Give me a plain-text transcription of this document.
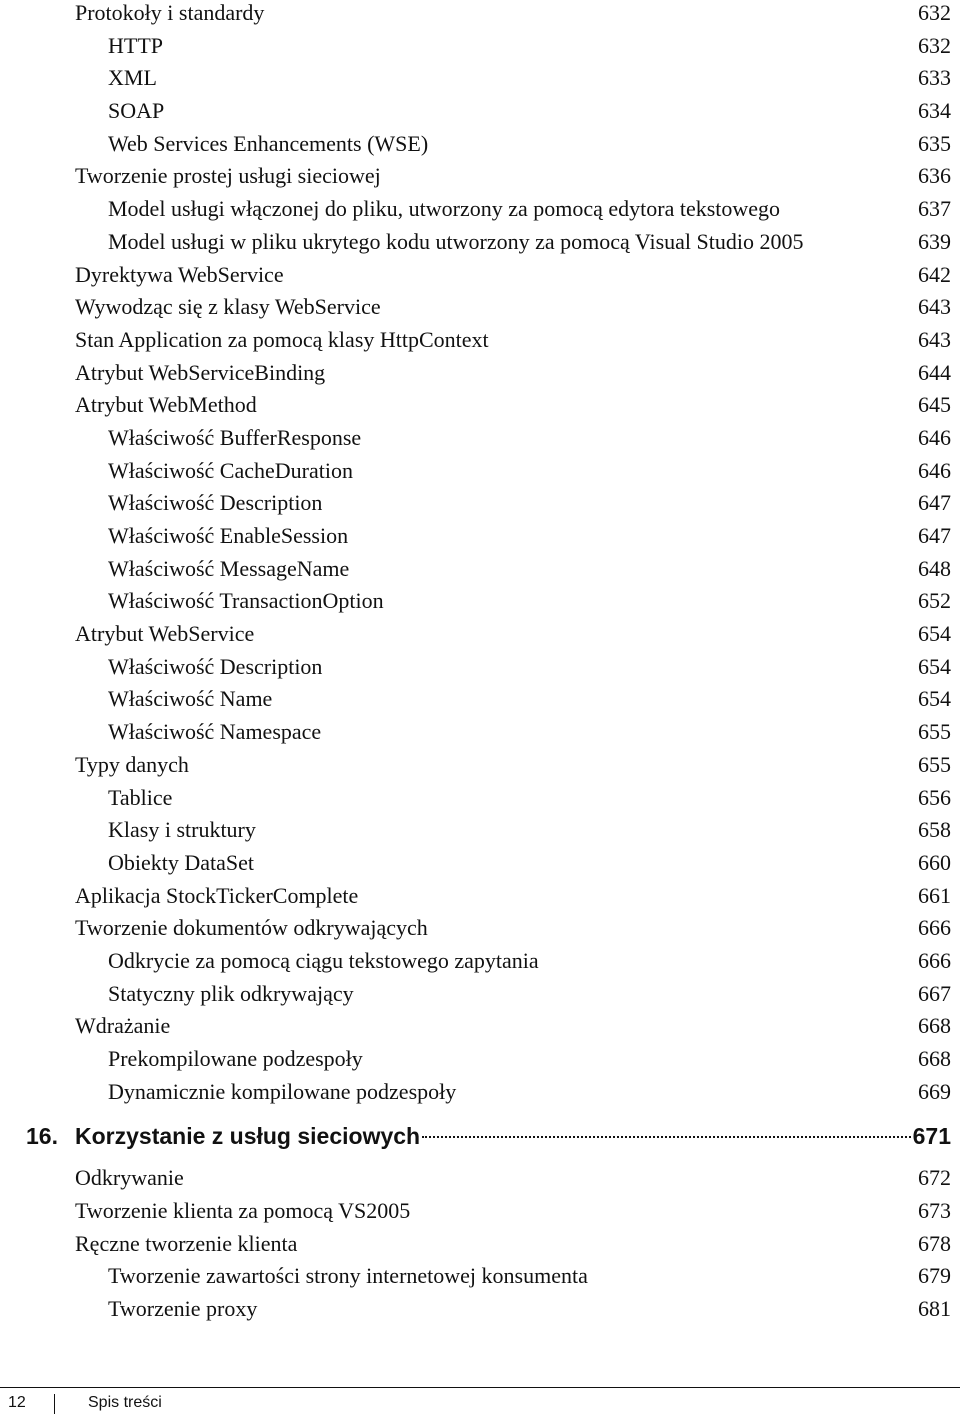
Protokoły i standardy	632
HTTP	632
XML	633
SOAP	634
Web Services Enhancements (WSE)	635
Tworzenie prostej usługi sieciowej	636
Model usługi włączonej do pliku, utworzony za pomocą edytora tekstowego	637
Model usługi w pliku ukrytego kodu utworzony za pomocą Visual Studio 2005	639
Dyrektywa WebService	642
Wywodząc się z klasy WebService	643
Stan Application za pomocą klasy HttpContext	643
Atrybut WebServiceBinding	644
Atrybut WebMethod	645
Właściwość BufferResponse	646
Właściwość CacheDuration	646
Właściwość Description	647
Właściwość EnableSession	647
Właściwość MessageName	648
Właściwość TransactionOption	652
Atrybut WebService	654
Właściwość Description	654
Właściwość Name	654
Właściwość Namespace	655
Typy danych	655
Tablice	656
Klasy i struktury	658
Obiekty DataSet	660
Aplikacja StockTickerComplete	661
Tworzenie dokumentów odkrywających	666
Odkrycie za pomocą ciągu tekstowego zapytania	666
Statyczny plik odkrywający	667
Wdrażanie	668
Prekompilowane podzespoły	668
Dynamicznie kompilowane podzespoły	669
16. Korzystanie z usług sieciowych	671
Odkrywanie	672
Tworzenie klienta za pomocą VS2005	673
Ręczne tworzenie klienta	678
Tworzenie zawartości strony internetowej konsumenta	679
Tworzenie proxy	681
12	Spis treści
